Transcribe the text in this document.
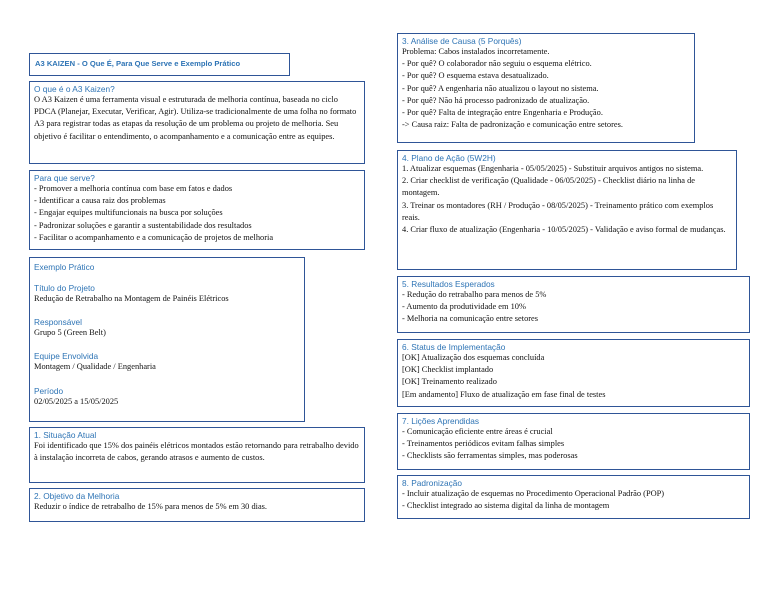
A3 KAIZEN - O Que É, Para Que Serve e Exemplo Prático
O que é o A3 Kaizen?
O A3 Kaizen é uma ferramenta visual e estruturada de melhoria contínua, baseada no ciclo PDCA (Planejar, Executar, Verificar, Agir). Utiliza-se tradicionalmente de uma folha no formato A3 para registrar todas as etapas da resolução de um problema ou projeto de melhoria. Seu objetivo é facilitar o entendimento, o acompanhamento e a comunicação entre as equipes.
Para que serve?
- Promover a melhoria contínua com base em fatos e dados
- Identificar a causa raiz dos problemas
- Engajar equipes multifuncionais na busca por soluções
- Padronizar soluções e garantir a sustentabilidade dos resultados
- Facilitar o acompanhamento e a comunicação de projetos de melhoria
Exemplo Prático
Título do Projeto
Redução de Retrabalho na Montagem de Painéis Elétricos
Responsável
Grupo 5 (Green Belt)
Equipe Envolvida
Montagem / Qualidade / Engenharia
Período
02/05/2025 a 15/05/2025
1. Situação Atual
Foi identificado que 15% dos painéis elétricos montados estão retornando para retrabalho devido à instalação incorreta de cabos, gerando atrasos e aumento de custos.
2. Objetivo da Melhoria
Reduzir o índice de retrabalho de 15% para menos de 5% em 30 dias.
3. Análise de Causa (5 Porquês)
Problema: Cabos instalados incorretamente.
- Por quê? O colaborador não seguiu o esquema elétrico.
- Por quê? O esquema estava desatualizado.
- Por quê? A engenharia não atualizou o layout no sistema.
- Por quê? Não há processo padronizado de atualização.
- Por quê? Falta de integração entre Engenharia e Produção.
-> Causa raiz: Falta de padronização e comunicação entre setores.
4. Plano de Ação (5W2H)
1. Atualizar esquemas (Engenharia - 05/05/2025) - Substituir arquivos antigos no sistema.
2. Criar checklist de verificação (Qualidade - 06/05/2025) - Checklist diário na linha de montagem.
3. Treinar os montadores (RH / Produção - 08/05/2025) - Treinamento prático com exemplos reais.
4. Criar fluxo de atualização (Engenharia - 10/05/2025) - Validação e aviso formal de mudanças.
5. Resultados Esperados
- Redução do retrabalho para menos de 5%
- Aumento da produtividade em 10%
- Melhoria na comunicação entre setores
6. Status de Implementação
[OK] Atualização dos esquemas concluída
[OK] Checklist implantado
[OK] Treinamento realizado
[Em andamento] Fluxo de atualização em fase final de testes
7. Lições Aprendidas
- Comunicação eficiente entre áreas é crucial
- Treinamentos periódicos evitam falhas simples
- Checklists são ferramentas simples, mas poderosas
8. Padronização
- Incluir atualização de esquemas no Procedimento Operacional Padrão (POP)
- Checklist integrado ao sistema digital da linha de montagem
